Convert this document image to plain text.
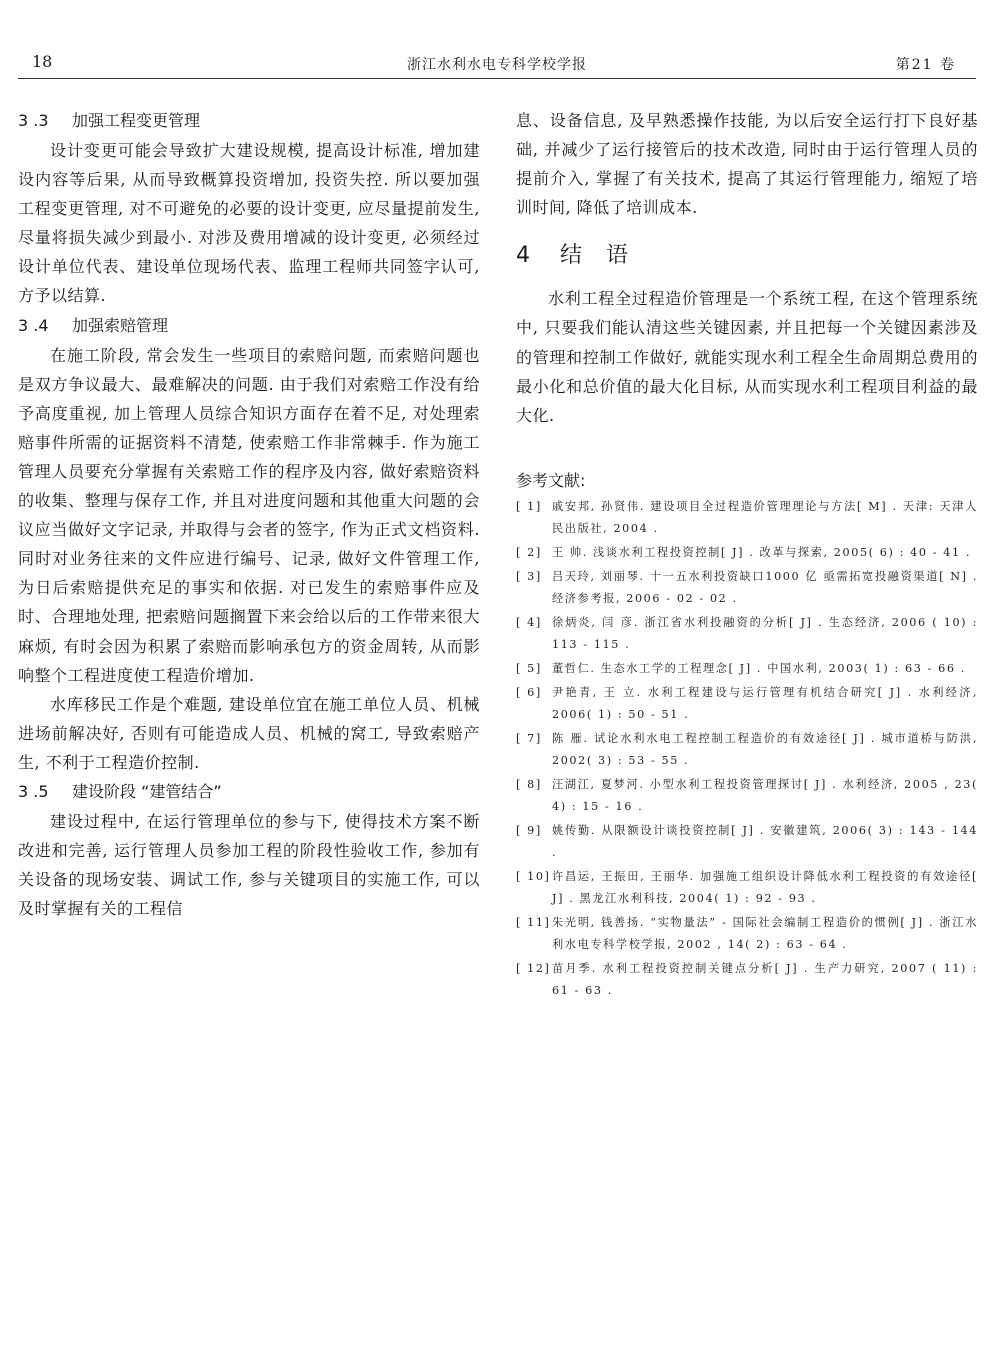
18	浙江水利水电专科学校学报	第21 卷
3 .3 加强工程变更管理

设计变更可能会导致扩大建设规模, 提高设计标准, 增加建设内容等后果, 从而导致概算投资增加, 投资失控. 所以要加强工程变更管理, 对不可避免的必要的设计变更, 应尽量提前发生, 尽量将损失减少到最小. 对涉及费用增减的设计变更, 必须经过设计单位代表、建设单位现场代表、监理工程师共同签字认可, 方予以结算.

3 .4 加强索赔管理

在施工阶段, 常会发生一些项目的索赔问题, 而索赔问题也是双方争议最大、最难解决的问题. 由于我们对索赔工作没有给予高度重视, 加上管理人员综合知识方面存在着不足, 对处理索赔事件所需的证据资料不清楚, 使索赔工作非常棘手. 作为施工管理人员要充分掌握有关索赔工作的程序及内容, 做好索赔资料的收集、整理与保存工作, 并且对进度问题和其他重大问题的会议应当做好文字记录, 并取得与会者的签字, 作为正式文档资料. 同时对业务往来的文件应进行编号、记录, 做好文件管理工作, 为日后索赔提供充足的事实和依据. 对已发生的索赔事件应及时、合理地处理, 把索赔问题搁置下来会给以后的工作带来很大麻烦, 有时会因为积累了索赔而影响承包方的资金周转, 从而影响整个工程进度使工程造价增加.

水库移民工作是个难题, 建设单位宜在施工单位人员、机械进场前解决好, 否则有可能造成人员、机械的窝工, 导致索赔产生, 不利于工程造价控制.

3 .5 建设阶段 “建管结合”

建设过程中, 在运行管理单位的参与下, 使得技术方案不断改进和完善, 运行管理人员参加工程的阶段性验收工作, 参加有关设备的现场安装、调试工作, 参与关键项目的实施工作, 可以及时掌握有关的工程信

息、设备信息, 及早熟悉操作技能, 为以后安全运行打下良好基础, 并减少了运行接管后的技术改造, 同时由于运行管理人员的提前介入, 掌握了有关技术, 提高了其运行管理能力, 缩短了培训时间, 降低了培训成本.

4 结语

水利工程全过程造价管理是一个系统工程, 在这个管理系统中, 只要我们能认清这些关键因素, 并且把每一个关键因素涉及的管理和控制工作做好, 就能实现水利工程全生命周期总费用的最小化和总价值的最大化目标, 从而实现水利工程项目利益的最大化.

参考文献:
[ 1] 戚安邦, 孙贤伟. 建设项目全过程造价管理理论与方法[ M] . 天津: 天津人民出版社, 2004 .
[ 2] 王 帅. 浅谈水利工程投资控制[ J] . 改革与探索, 2005( 6) : 40 - 41 .
[ 3] 吕天玲, 刘丽琴. 十一五水利投资缺口1000 亿 亟需拓宽投融资渠道[ N] . 经济参考报, 2006 - 02 - 02 .
[ 4] 徐炳炎, 闫 彦. 浙江省水利投融资的分析[ J] . 生态经济, 2006 ( 10) : 113 - 115 .
[ 5] 董哲仁. 生态水工学的工程理念[ J] . 中国水利, 2003( 1) : 63 - 66 .
[ 6] 尹艳青, 王 立. 水利工程建设与运行管理有机结合研究[ J] . 水利经济, 2006( 1) : 50 - 51 .
[ 7] 陈 雁. 试论水利水电工程控制工程造价的有效途径[ J] . 城市道桥与防洪, 2002( 3) : 53 - 55 .
[ 8] 汪湖江, 夏梦河. 小型水利工程投资管理探讨[ J] . 水利经济, 2005 , 23( 4) : 15 - 16 .
[ 9] 姚传勤. 从限额设计谈投资控制[ J] . 安徽建筑, 2006( 3) : 143 - 144 .
[ 10] 许昌运, 王振田, 王丽华. 加强施工组织设计降低水利工程投资的有效途径[ J] . 黑龙江水利科技, 2004( 1) : 92 - 93 .
[ 11] 朱光明, 钱善扬. “实物量法” - 国际社会编制工程造价的惯例[ J] . 浙江水利水电专科学校学报, 2002 , 14( 2) : 63 - 64 .
[ 12] 苗月季. 水利工程投资控制关键点分析[ J] . 生产力研究, 2007 ( 11) : 61 - 63 .
